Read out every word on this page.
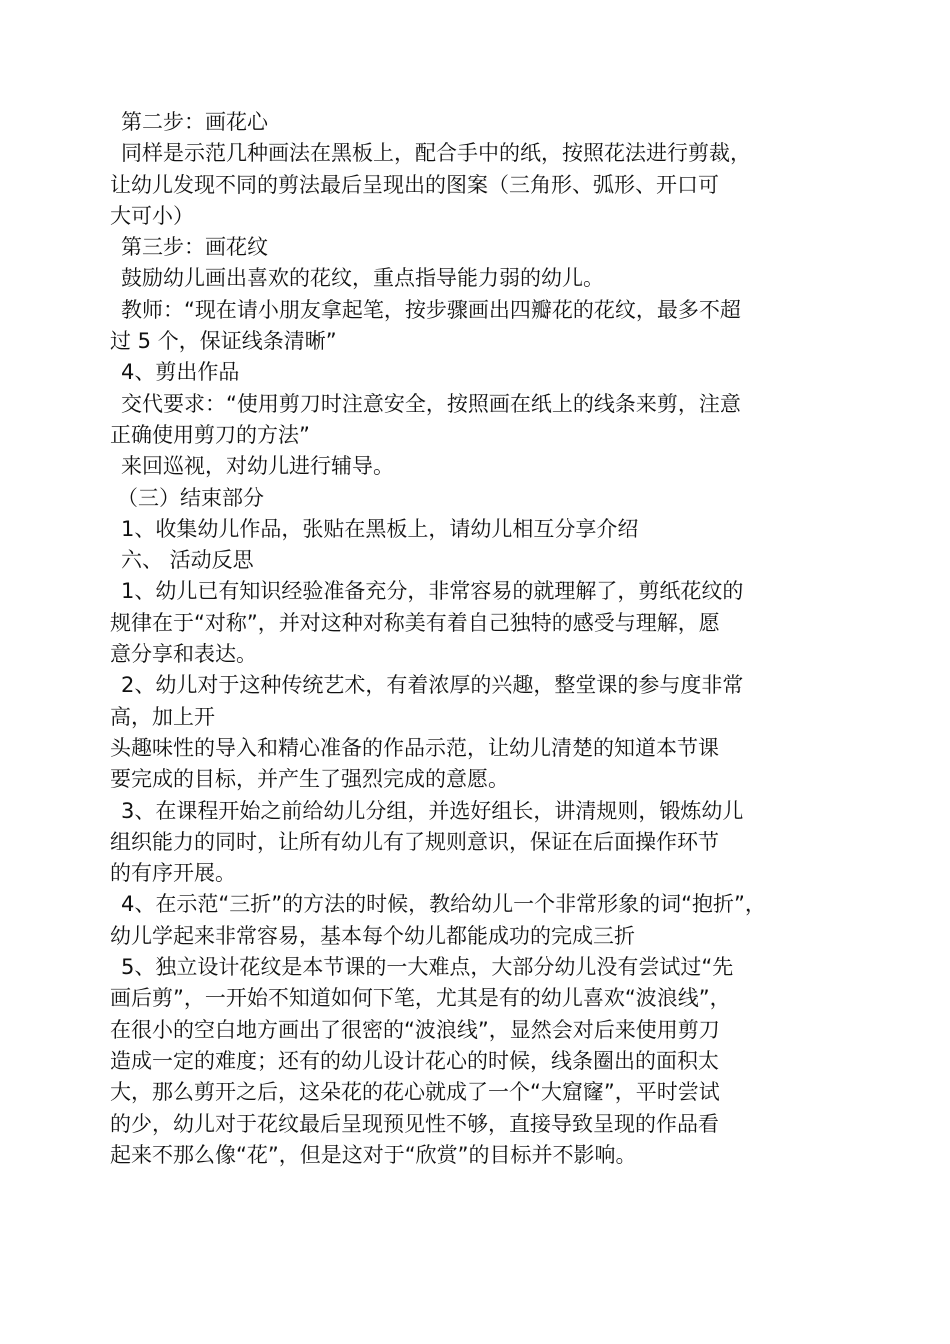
第二步：画花心
同样是示范几种画法在黑板上，配合手中的纸，按照花法进行剪裁，
让幼儿发现不同的剪法最后呈现出的图案（三角形、弧形、开口可
大可小）
第三步：画花纹
鼓励幼儿画出喜欢的花纹，重点指导能力弱的幼儿。
教师：“现在请小朋友拿起笔，按步骤画出四瓣花的花纹，最多不超
过 5 个，保证线条清晰”
4、剪出作品
交代要求：“使用剪刀时注意安全，按照画在纸上的线条来剪，注意
正确使用剪刀的方法”
来回巡视，对幼儿进行辅导。
（三）结束部分
1、收集幼儿作品，张贴在黑板上，请幼儿相互分享介绍
六、 活动反思
1、幼儿已有知识经验准备充分，非常容易的就理解了，剪纸花纹的
规律在于“对称”，并对这种对称美有着自己独特的感受与理解，愿
意分享和表达。
2、幼儿对于这种传统艺术，有着浓厚的兴趣，整堂课的参与度非常
高，加上开
头趣味性的导入和精心准备的作品示范，让幼儿清楚的知道本节课
要完成的目标，并产生了强烈完成的意愿。
3、在课程开始之前给幼儿分组，并选好组长，讲清规则，锻炼幼儿
组织能力的同时，让所有幼儿有了规则意识，保证在后面操作环节
的有序开展。
4、在示范“三折”的方法的时候，教给幼儿一个非常形象的词“抱折”，
幼儿学起来非常容易，基本每个幼儿都能成功的完成三折
5、独立设计花纹是本节课的一大难点，大部分幼儿没有尝试过“先
画后剪”，一开始不知道如何下笔，尤其是有的幼儿喜欢“波浪线”，
在很小的空白地方画出了很密的“波浪线”，显然会对后来使用剪刀
造成一定的难度；还有的幼儿设计花心的时候，线条圈出的面积太
大，那么剪开之后，这朵花的花心就成了一个“大窟窿”，平时尝试
的少，幼儿对于花纹最后呈现预见性不够，直接导致呈现的作品看
起来不那么像“花”，但是这对于“欣赏”的目标并不影响。
